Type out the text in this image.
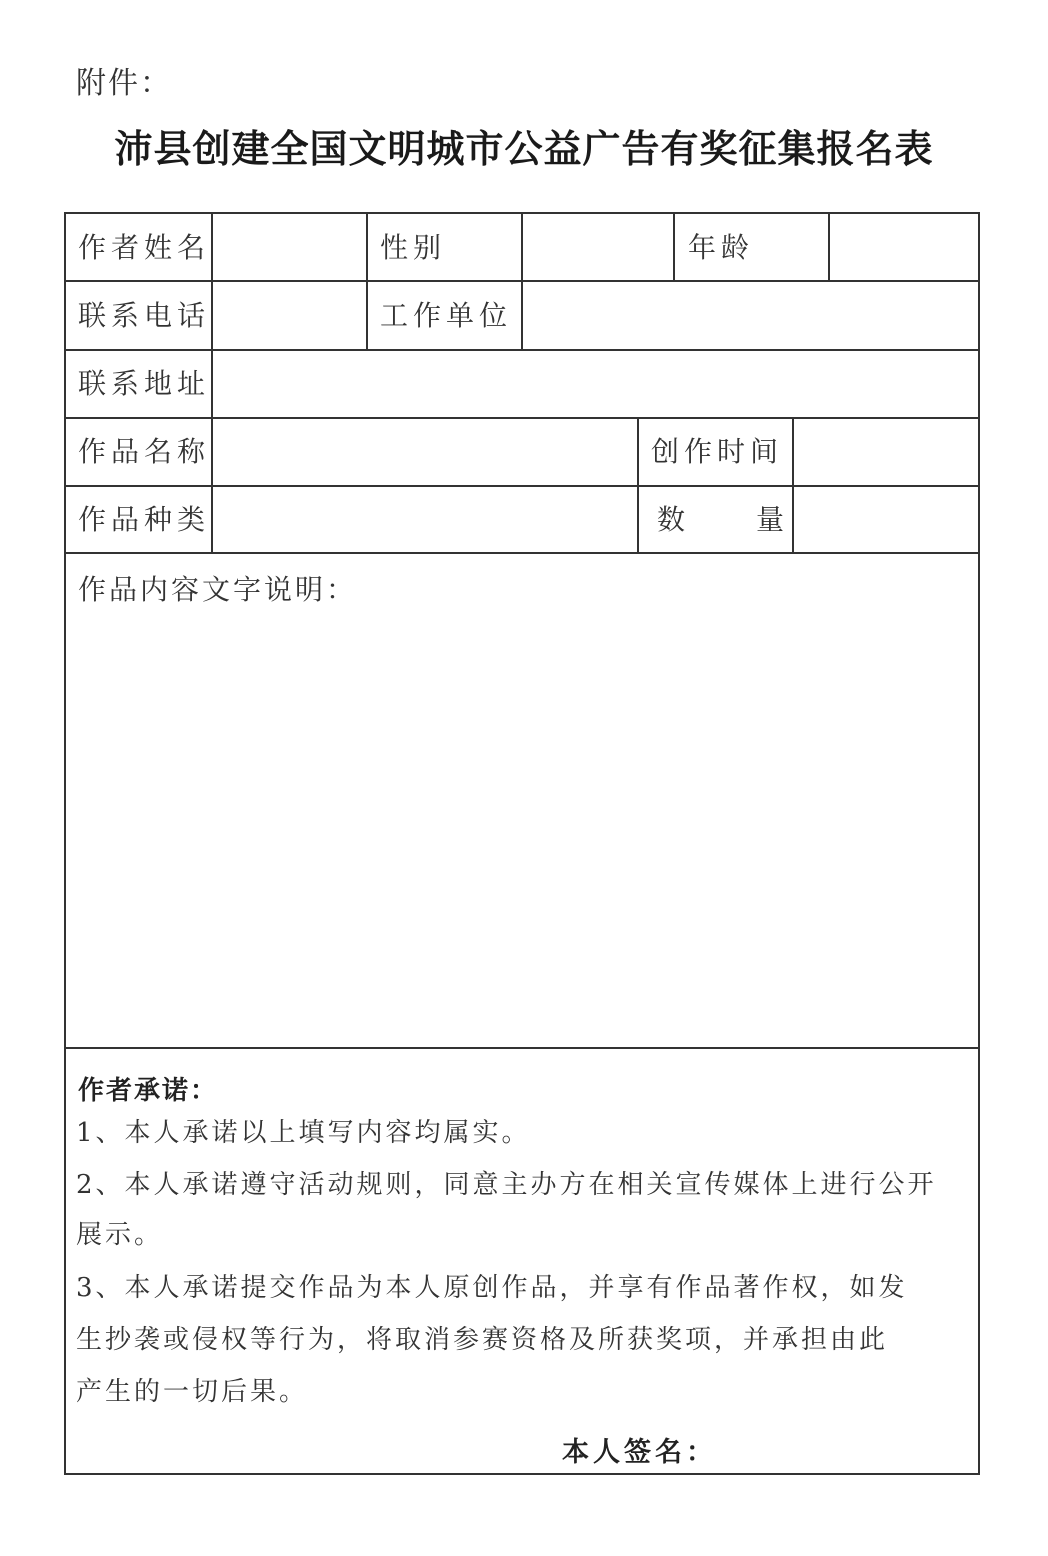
附件：
沛县创建全国文明城市公益广告有奖征集报名表
作者姓名	性别	年龄
联系电话	工作单位
联系地址
作品名称	创作时间
作品种类	数　　量
作品内容文字说明：
作者承诺：
1、本人承诺以上填写内容均属实。
2、本人承诺遵守活动规则，同意主办方在相关宣传媒体上进行公开
展示。
3、本人承诺提交作品为本人原创作品，并享有作品著作权，如发
生抄袭或侵权等行为，将取消参赛资格及所获奖项，并承担由此
产生的一切后果。
本人签名：
